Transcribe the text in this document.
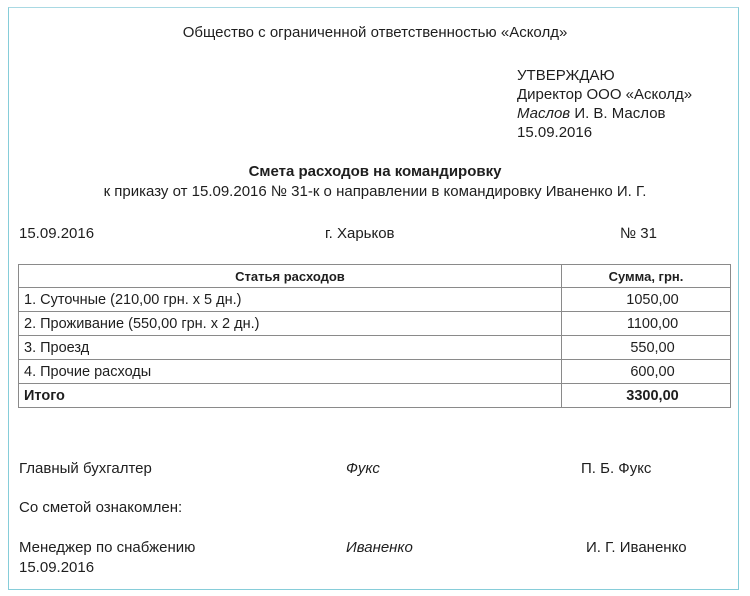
Общество с ограниченной ответственностью «Асколд»
УТВЕРЖДАЮ
Директор ООО «Асколд»
Маслов И. В. Маслов
15.09.2016
Смета расходов на командировку
к приказу от 15.09.2016 № 31-к о направлении в командировку Иваненко И. Г.
15.09.2016	г. Харьков	№ 31
Статья расходов	Сумма, грн.
1. Суточные (210,00 грн. х 5 дн.)	1050,00
2. Проживание (550,00 грн. х 2 дн.)	1100,00
3. Проезд	550,00
4. Прочие расходы	600,00
Итого	3300,00
Главный бухгалтер	Фукс	П. Б. Фукс
Со сметой ознакомлен:
Менеджер по снабжению	Иваненко	И. Г. Иваненко
15.09.2016
